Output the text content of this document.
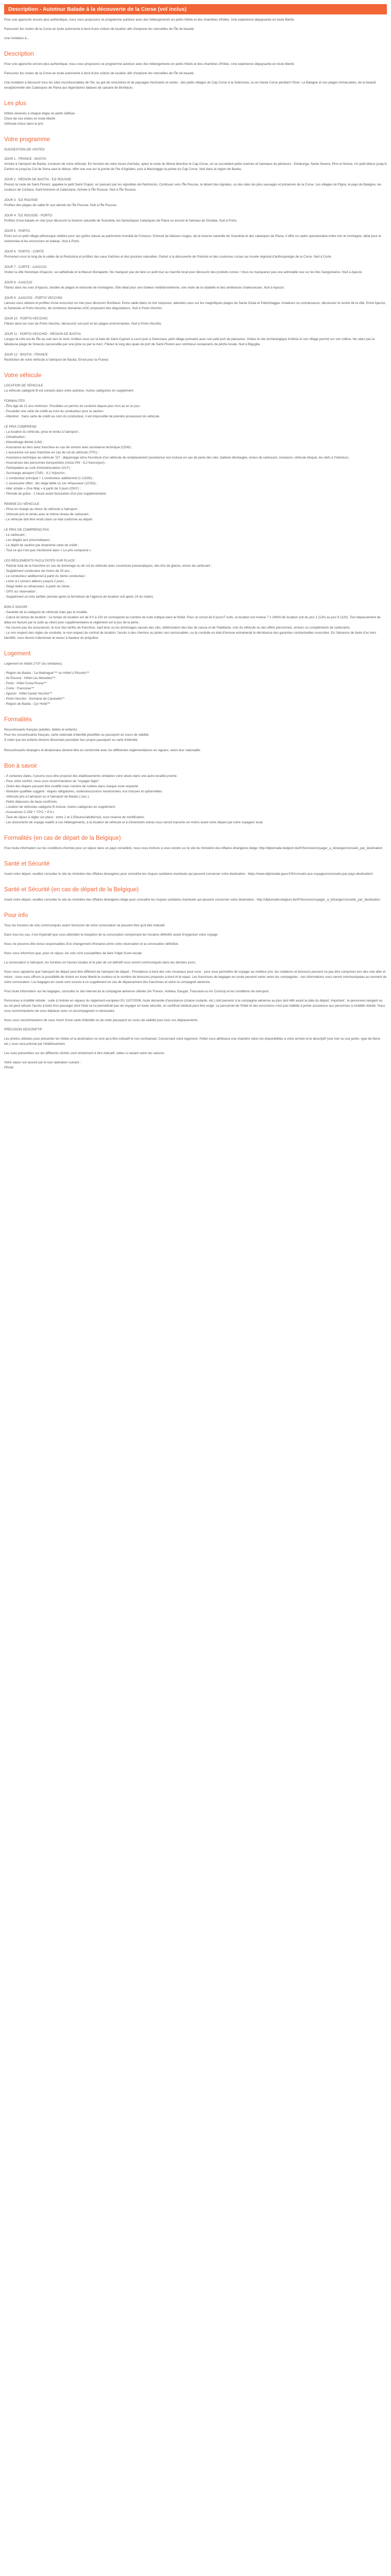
Description - Autotour Balade à la découverte de la Corse (vol inclus)

Pour une approche encore plus authentique, nous vous proposons ce programme autotour avec des hébergements en petits hôtels et des chambres d'hôtes. Une expérience dépaysante en toute liberté.

Parcourez les routes de la Corse en toute autonomie à bord d'une voiture de location afin d'explorer les merveilles de l'Île de beauté.

Une invitation à...

Description

Pour une approche encore plus authentique, nous vous proposons ce programme autotour avec des hébergements en petits hôtels et des chambres d'hôtes. Une expérience dépaysante en toute liberté.

Parcourez les routes de la Corse en toute autonomie à bord d'une voiture de location afin d'explorer les merveilles de l'Île de beauté.

Une invitation à découvrir tous les sites incontournables de l'île, au gré de rencontres et de paysages fascinants et variés : des petits villages du Cap Corse à la Solenzara, ou en Haute Corse pendant l'hiver. La Balagne et ses plages immaculées, de la beauté exceptionnelle des Calanques de Piana aux légendaires falaises de calcaire de Bonifacio.

Les plus
Hôtels réservés à chaque étape en petits édifices
Choix de vos visites en toute liberté
Véhicule inclus dans le prix
Votre programme

SUGGESTION DE VISITES

JOUR 1 : FRANCE - BASTIA
Arrivée à l'aéroport de Bastia. Livraison de votre véhicule. En fonction de votre heure d'arrivée, optez la route du littoral direction le Cap Corse, où se succèdent petits marines et hameaux de pêcheurs : Erbalunga, Santa Severa, Pino et Nonza. Un petit détour jusqu'à Centuri et jusqu'au Col de Serra vaut le détour, offre une vue sur la pointe de l'île d'Agriates, puis à Macinaggio la pointe du Cap Corse. Nuit dans la région de Bastia.
JOUR 2 : RÉGION DE BASTIA - ÎLE ROUSSE
Prenez la route de Saint-Florent, appelée le petit Saint-Tropez, en passant par les vignobles de Patrimonio. Continuez vers l'Île Rousse, le désert des Agriates, un des sites les plus sauvages et préservés de la Corse. Les villages de Pigna, le pays de Balagne, les couleurs de Corbara, Sant'Antonino et Calenzana. Arrivée à l'Île Rousse. Nuit à l'Île Rousse.
JOUR 3 : ÎLE ROUSSE
Profitez des plages de sable fin aux abords de l'Île Rousse. Nuit à l'Île Rousse.
JOUR 4 : ÎLE ROUSSE - PORTO
Profitez d'une balade en mer pour découvrir la réserve naturelle de Scandola, les fantastiques Calanques de Piana ou encore le hameau de Girolata. Nuit à Porto.
JOUR 5 : PORTO
Porto est un petit village pittoresque célèbre pour ses golfes classé au patrimoine mondial de l'Unesco. Entouré de falaises rouges, de la réserve naturelle de Scandola et des calanques de Piana, il offre un cadre spectaculaire entre mer et montagne, idéal pour la randonnée et les excursions en bateau. Nuit à Porto.
JOUR 6 : PORTO - CORTE
Promenez-vous le long de la vallée de la Restonica et profitez des eaux fraîches et des piscines naturelles. Partez à la découverte de l'histoire et des coutumes corses au musée régional d'anthropologie de la Corse. Nuit à Corte.
JOUR 7 : CORTE - AJACCIO
Visitez la ville historique d'Ajaccio, sa cathédrale et la Maison Bonaparte. Ne manquez pas de faire un petit tour au marché local pour découvrir des produits corses ! Vous ne manquerez pas une admirable vue sur les îles Sanguinaires. Nuit à Ajaccio.
JOUR 8 : AJACCIO
Flânez dans les rues d'Ajaccio, bordée de plages et entourée de montagnes. Elle idéal pour une chaleur méditerranéenne, une visite de la citadelle et des ambiances chaleureuses. Nuit à Ajaccio.
JOUR 9 : AJACCIO - PORTO VECCHIO
Laissez-vous séduire et profitez d'une excursion en mer pour découvrir Bonifacio. Entre sable blanc et mer turquoise, attendez-vous sur les magnifiques plages de Santa Giulia et Palombaggia. Amateurs ou connaisseurs, découvrez le centre de la ville. Entre Ajaccio, la Sartenais et Porto-Vecchio, de nombreux domaines AOC proposent des dégustations. Nuit à Porto-Vecchio.
JOUR 10 : PORTO-VECCHIO
Flânez dans les rues de Porto-Vecchio, découvrez son port et les plages environnantes. Nuit à Porto-Vecchio.
JOUR 11 : PORTO-VECCHIO - RÉGION DE BASTIA
Longez la côte est de l'Île au sud vers le nord. Arrêtez-vous sur la baie de Saint-Cyprien à Lecci puis à Solenzara, petit village portuaire avec son petit port de plaisance. Visitez le site archéologique d'Aléria et son village perché sur son colline. Ne ratez pas la fabuleuse plage de Solaccio (accessible par une piste ou par la mer). Flânez le long des quais du port de Saint-Florent aux nombreux restaurants de pêche locale. Nuit à Biguglia.
JOUR 12 : BASTIA - FRANCE
Restitution de votre véhicule à l'aéroport de Bastia. Envol pour la France.
Votre véhicule
LOCATION DE VÉHICULE
La véhicule catégorie B est compris dans votre autotour. Autres catégories en supplément.
FORMALITÉS
- Être âgé de 21 ans minimum. Possibles un permis de conduire depuis plus d'un an et un jour.
- Posséder une carte de crédit au nom du conducteur pour la caution.
- Attention : Sans carte de crédit au nom du conducteur, il est impossible de prendre possession du véhicule.
LE PRIX COMPREND
- La location du véhicule, prise et rendu à l'aéroport ;
- Climatisation ;
- Kilométrage illimité (LIM) ;
- Assurance au tiers avec franchise en cas de sinistre avec assistance technique (CDW) ;
- L'assurance vol avec franchise en cas de vol du véhicule (TPC) ;
- Assistance technique au véhicule 7j/7 : dépannage et/ou fourniture d'un véhicule de remplacement (assistance non incluse en cas de perte des clés, batterie déchargée, erreur de carburant, crevaison, véhicule bloqué, les clefs à l'intérieur) ;
- Assurances des personnes transportées (inclus PAI : 6,2 francs/jour) ;
- Participation au coût d'immatriculation (VLF) ;
- Surcharge aéroport (TAP) : 4,1 %/jour/vs ;
- 1 conducteur principal + 1 conducteur additionnel (1 CADD) ;
- 1 accessoire offert : bio siège bébé ou 1er réhausseur (1CSG) ;
- Aller simple « One Way » à partir de 3 jours (ONY) ;
- Période de grâce : 1 heure avant facturation d'un jour supplémentaire.
REMISE DU VÉHICULE
- Prise en charge au retour du véhicule à l'aéroport ;
- Véhicule pris et rendu avec le même niveau de carburant ;
- Le véhicule doit être rendu dans un état conforme au départ.
LE PRIX NE COMPREND PAS
- Le carburant ;
- Les dégâts aux pneumatiques ;
- Le dépôt de caution par empreinte carte de crédit ;
- Tout ce qui n'est pas mentionné dans « Le prix comprend ».
LES RÈGLEMENTS FACULTATIFS SUR PLACE :
- Rachat total de la franchise en cas de dommage ou de vol du véhicule avec couverture pneumatiques, des bris de glaces, erreur de carburant ;
- Supplément conducteur de moins de 25 ans ;
- Le conducteur additionnel à partir du 3ème conducteur ;
- Livrer à L'univers ailleurs jusqu'à 2 jours ;
- Siège bébé ou réhausseur, à partir du 2ème ;
- GPS sur réservation ;
- Supplément un trois tarifiée (arrivée après la fermeture de l'agence de location soit après 24 du matin).
BON À SAVOIR :
- Garantie de la catégorie du véhicule mais pas le modèle.
- Calcul du temps de location : Le temps de location est de 9 h à 21h en correspond au nombre de nuits indiqué dans le forfait. Pour un circuit de 8 jours/7 nuits, la location est rendue 7 x 24h00 de location soit du jour 1 (12h) au jour 8 (12h). Tout dépassement de délai est facturé par la suite au client pour supplémentaires le règlement est à jour de la perte.
- Ne couvre pas les assurances, le tour des tarifés de franchise, sauf tenu ou les dommages causés des clés, détérioration des bas de caisse et de l'habitacle, vols du véhicule ou des effets personnels, erreurs ou compléments de carburants.
- Le non respect des règles de conduite, le non-respect du contrat de location, l'accès à des chemins ou pistes non carrossables, ou la conduite en état d'ivresse entrainerait la déchéance des garanties contractuelles souscrites. En l'absence de faute d'un tiers identifié, vous devrez indemniser le loueur à hauteur du préjudice.
Logement

Logement en hôtels 2*/3* (ou similaires).

- Région de Bastia : 'La Madrague*'** ou Hôtel U Ricordu'**
- Ile Rousse : Hôtel Les Mouettes'**
- Porto : Hôtel Costa Rossa'**
- Corte : Francoise'**
- Ajaccio : Hôtel Castel Vecchio'**
- Porto-Vecchio : Domaine de Caranella'**
- Région de Bastia : Cyr Hotel'**
Formalités
Ressortissants français (adultes, bébés et enfants) :
Pour les ressortissants français, carte nationale d'identité plastifiée ou passeport en cours de validité.
À noter que les enfants doivent désormais posséder leur propre passeport ou carte d'identité.

Ressortissants étrangers et binationaux doivent être en conformité avec les différentes réglementations en vigueur, selon leur nationalité.

Bon à savoir
- À certaines dates, il pourra vous être proposé des établissements similaires voire situés dans une autre localité proche.
- Pour votre confort, nous vous recommandons de "voyager léger".
- Ordre des étapes pouvant être modifié mais nombre de nuitées dans chaque zone respecté.
- Itinéraire qualifiée suggéré : étapes obligatoires, visites/excursions mentionnées non incluses et optionnelles.
- Véhicule pris à l'aéroport ou à l'aéroport de Bastia ( Lieu ).
- Petits déjeuners de base confirmés.
- Location de véhicules catégorie B incluse. Autres catégories en supplément.
- Assurances C.DW + T.P.C + P.A.I.
- Taxe de séjour à régler sur place : entre 1 et 2,50euros/adulte/nuit, sous réserve de modification.
- Les documents de voyage relatifs à vos hébergements, à la location de véhicule et à d'éventuels extras vous seront transmis en moins avant votre départ par notre voyageur local.
Formalités (en cas de départ de la Belgique)

Pour toute information sur les conditions d'entrée pour un séjour dans un pays considéré, nous vous invitons à vous rendre sur le site du ministère des Affaires étrangères belge: http://diplomatie.belgium.be/fr/Services/voyager_a_letranger/conseils_par_destination

Santé et Sécurité

Avant votre départ, veuillez consulter le site du ministère des Affaires étrangères pour connaître les risques sanitaires éventuels qui peuvent concerner votre destination : https://www.diplomatie.gouv.fr/fr/conseils-aux-voyageurs/conseils-par-pays-destination/

Santé et Sécurité (en cas de départ de la Belgique)

Avant votre départ, veuillez consulter le site du ministère des Affaires étrangères belge pour connaître les risques sanitaires éventuels qui peuvent concerner votre destination : http://diplomatie.belgium.be/fr/Services/voyager_a_letranger/conseils_par_destination

Pour info

Tous les horaires de vols communiqués avant l'émission de votre convocation ne peuvent être qu'à titre indicatif.

Dans tous les cas, il est impératif que vous attendiez la réception de la convocation comprenant les horaires définitifs avant d'organiser votre voyage.

Nous ne pouvons être tenus responsables d'un changement d'horaires entre votre réservation et la convocation définitive.

Nous vous informons que, pour ce séjour, les vols sont susceptibles de faire l'objet d'une escale.

La convocation à l'aéroport, les horaires en heures locales et le plan de vol définitif vous seront communiqués dans les derniers jours.

Nous vous signalons que l'aéroport de départ peut être différent de l'aéroport de départ ; Prestations à bord des vols nouveaux pour vous : pour vous permettre de voyager au meilleur prix, les collations et boissons peuvent ne pas être comprises lors des vols aller et retour ; nous vous offrons la possibilité de choisir en toute liberté le contenu et le nombre de boissons proposés à bord et le repas. Les franchises de bagages en soute peuvent varier selon les compagnies ; ces informations vous seront communiquées au moment de votre convocation. Les bagages en soute sont soumis à un supplément en cas de dépassement des franchises et selon la compagnie aérienne.

Pour toute information sur les bagages, consultez le site internet de la compagnie aérienne utilisée (Air France, Volotea, Easyjet, Transavia ou Air Corsica) et les conditions de transport.

Personnes à mobilité réduite : suite à l'entrée en vigueur du règlement européen EU 1107/2006, toute demande d'assistance (chaise roulante, etc.) doit parvenir à la compagnie aérienne au plus tard 48h avant la date du départ. Important : le personnel navigant ou au sol peut refuser l'accès à bord d'un passager dont l'état ne lui permettrait pas de voyager en toute sécurité, un certificat médical peut être exigé. Le personnel de l'hôtel et des excursions n'est pas habilité à porter assistance aux personnes à mobilité réduite. Nous vous recommandons de vous déplacer avec un accompagnant si nécessaire.

Nous vous recommandons de vous munir d'une carte d'identité ou de votre passeport en cours de validité pour tous vos déplacements.

PRÉCISION DESCRIPTIF

Les photos utilisées pour présenter les hôtels et la destination ne sont qu'à titre indicatif et non-contractuel. Concernant votre logement, l'hôtel vous attribuera une chambre selon les disponibilités à votre arrivée et le descriptif (vue mer ou vue jardin, type de literie etc.) vous sera précisé par l'établissement.

Les vues présentées sur les différents clichés sont strictement à titre indicatif, celles-ci variant selon les saisons.

Votre séjour est assuré par le tour-opérateur suivant :
FRAM
